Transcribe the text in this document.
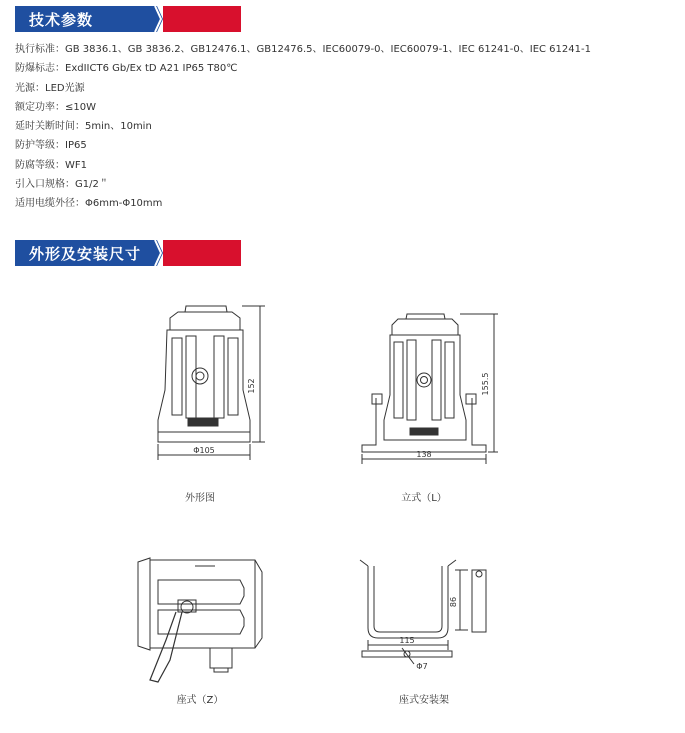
技术参数
执行标准：GB 3836.1、GB 3836.2、GB12476.1、GB12476.5、IEC60079-0、IEC60079-1、IEC 61241-0、IEC 61241-1
防爆标志：ExdIICT6 Gb/Ex tD A21 IP65 T80℃
光源：LED光源
额定功率：≤10W
延时关断时间：5min、10min
防护等级：IP65
防腐等级：WF1
引入口规格：G1/2＂
适用电缆外径：Φ6mm-Φ10mm
外形及安装尺寸
Φ105
152
138
155.5
115
86
Φ7
外形图	立式（L）
座式（Z）	座式安装架
